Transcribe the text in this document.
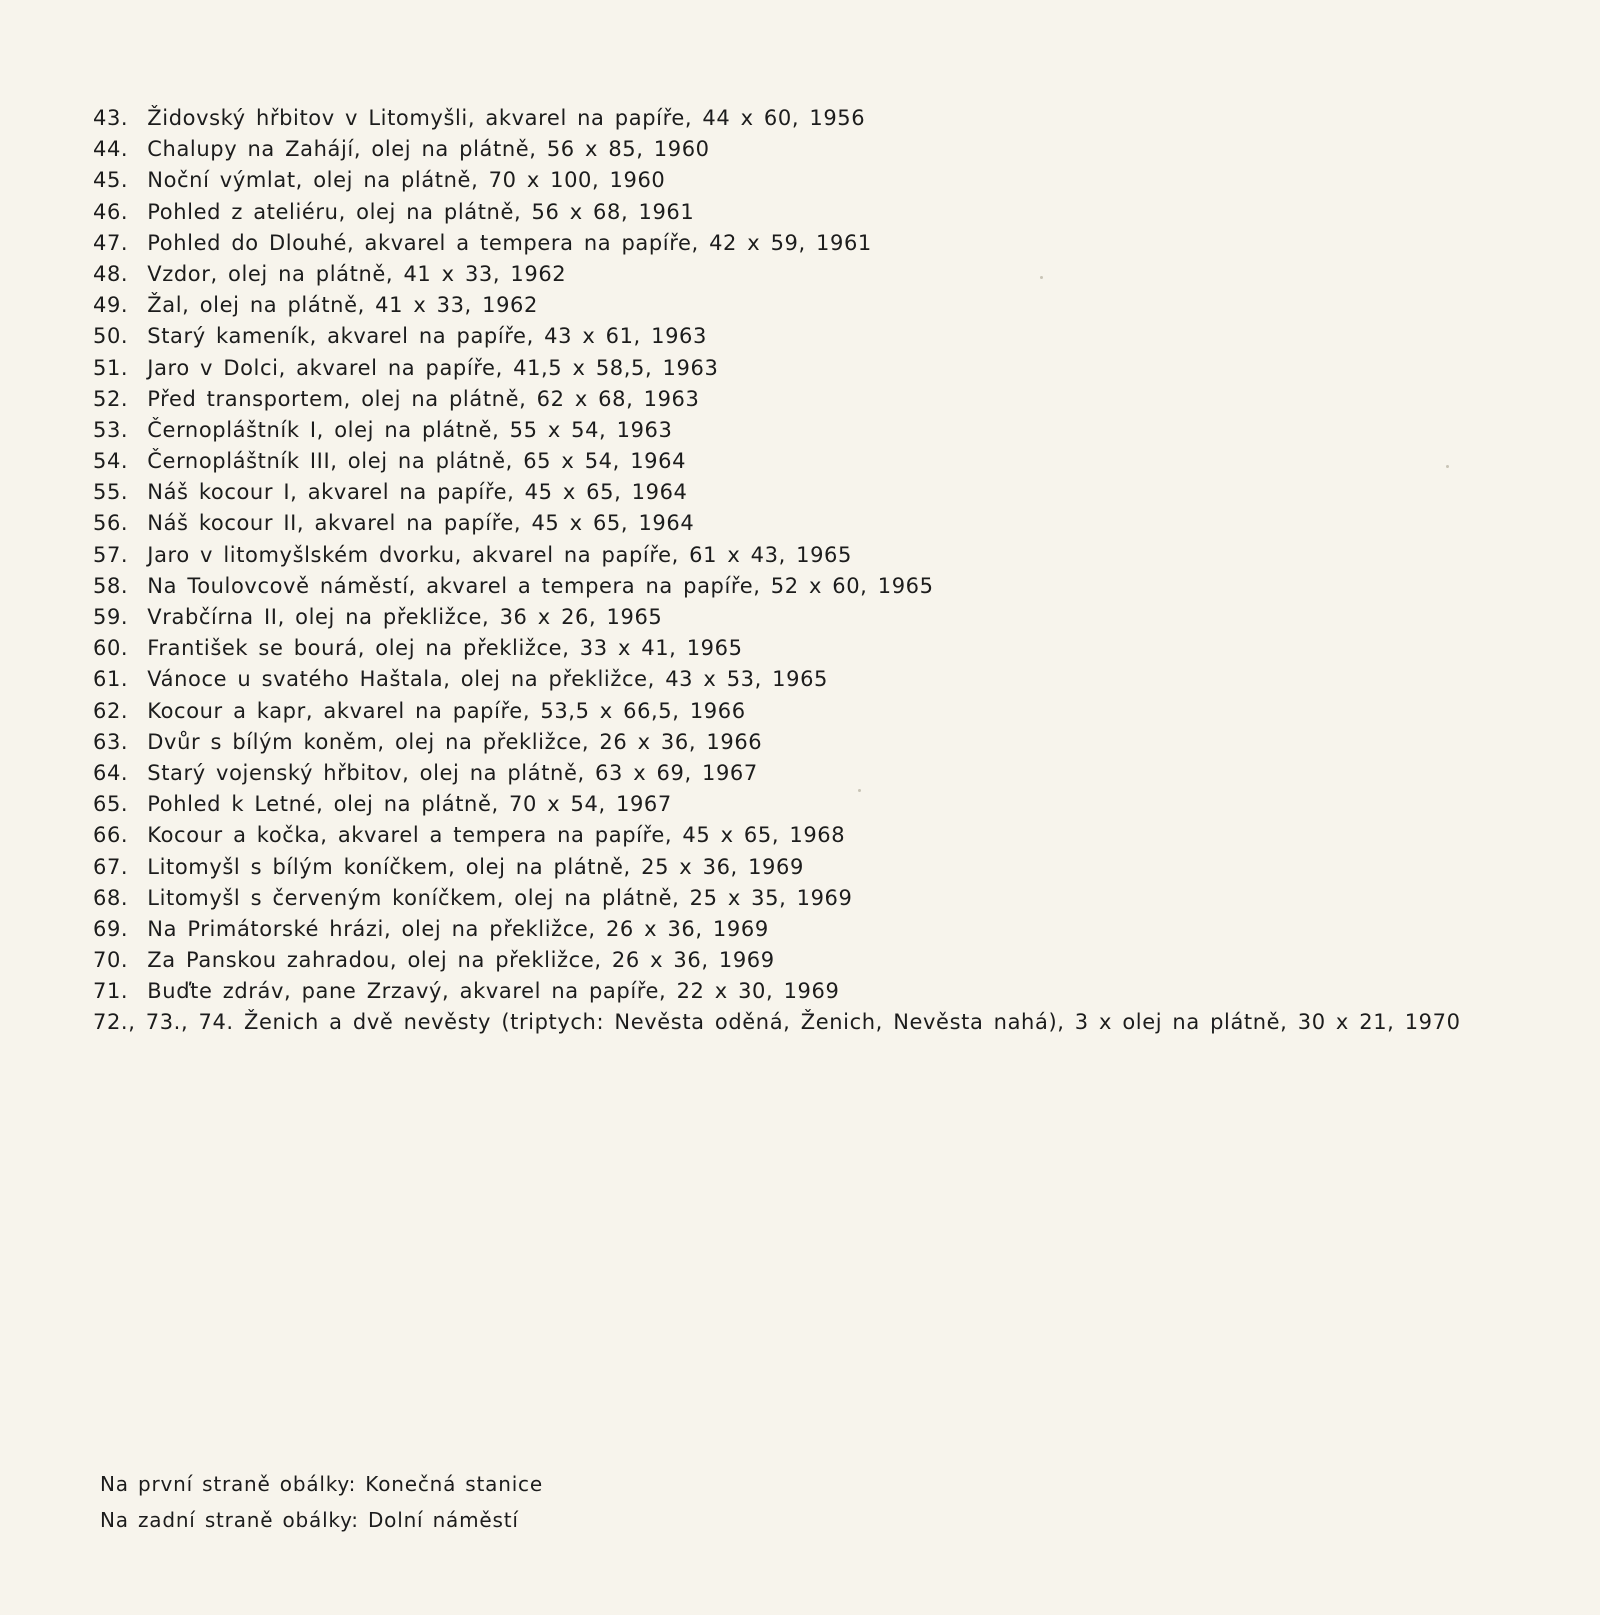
43. Židovský hřbitov v Litomyšli, akvarel na papíře, 44 x 60, 1956
44. Chalupy na Zahájí, olej na plátně, 56 x 85, 1960
45. Noční výmlat, olej na plátně, 70 x 100, 1960
46. Pohled z ateliéru, olej na plátně, 56 x 68, 1961
47. Pohled do Dlouhé, akvarel a tempera na papíře, 42 x 59, 1961
48. Vzdor, olej na plátně, 41 x 33, 1962
49. Žal, olej na plátně, 41 x 33, 1962
50. Starý kameník, akvarel na papíře, 43 x 61, 1963
51. Jaro v Dolci, akvarel na papíře, 41,5 x 58,5, 1963
52. Před transportem, olej na plátně, 62 x 68, 1963
53. Černopláštník I, olej na plátně, 55 x 54, 1963
54. Černopláštník III, olej na plátně, 65 x 54, 1964
55. Náš kocour I, akvarel na papíře, 45 x 65, 1964
56. Náš kocour II, akvarel na papíře, 45 x 65, 1964
57. Jaro v litomyšlském dvorku, akvarel na papíře, 61 x 43, 1965
58. Na Toulovcově náměstí, akvarel a tempera na papíře, 52 x 60, 1965
59. Vrabčírna II, olej na překližce, 36 x 26, 1965
60. František se bourá, olej na překližce, 33 x 41, 1965
61. Vánoce u svatého Haštala, olej na překližce, 43 x 53, 1965
62. Kocour a kapr, akvarel na papíře, 53,5 x 66,5, 1966
63. Dvůr s bílým koněm, olej na překližce, 26 x 36, 1966
64. Starý vojenský hřbitov, olej na plátně, 63 x 69, 1967
65. Pohled k Letné, olej na plátně, 70 x 54, 1967
66. Kocour a kočka, akvarel a tempera na papíře, 45 x 65, 1968
67. Litomyšl s bílým koníčkem, olej na plátně, 25 x 36, 1969
68. Litomyšl s červeným koníčkem, olej na plátně, 25 x 35, 1969
69. Na Primátorské hrázi, olej na překližce, 26 x 36, 1969
70. Za Panskou zahradou, olej na překližce, 26 x 36, 1969
71. Buďte zdráv, pane Zrzavý, akvarel na papíře, 22 x 30, 1969
72., 73., 74. Ženich a dvě nevěsty (triptych: Nevěsta oděná, Ženich, Nevěsta nahá), 3 x olej na plátně, 30 x 21, 1970
Na první straně obálky: Konečná stanice
Na zadní straně obálky: Dolní náměstí
